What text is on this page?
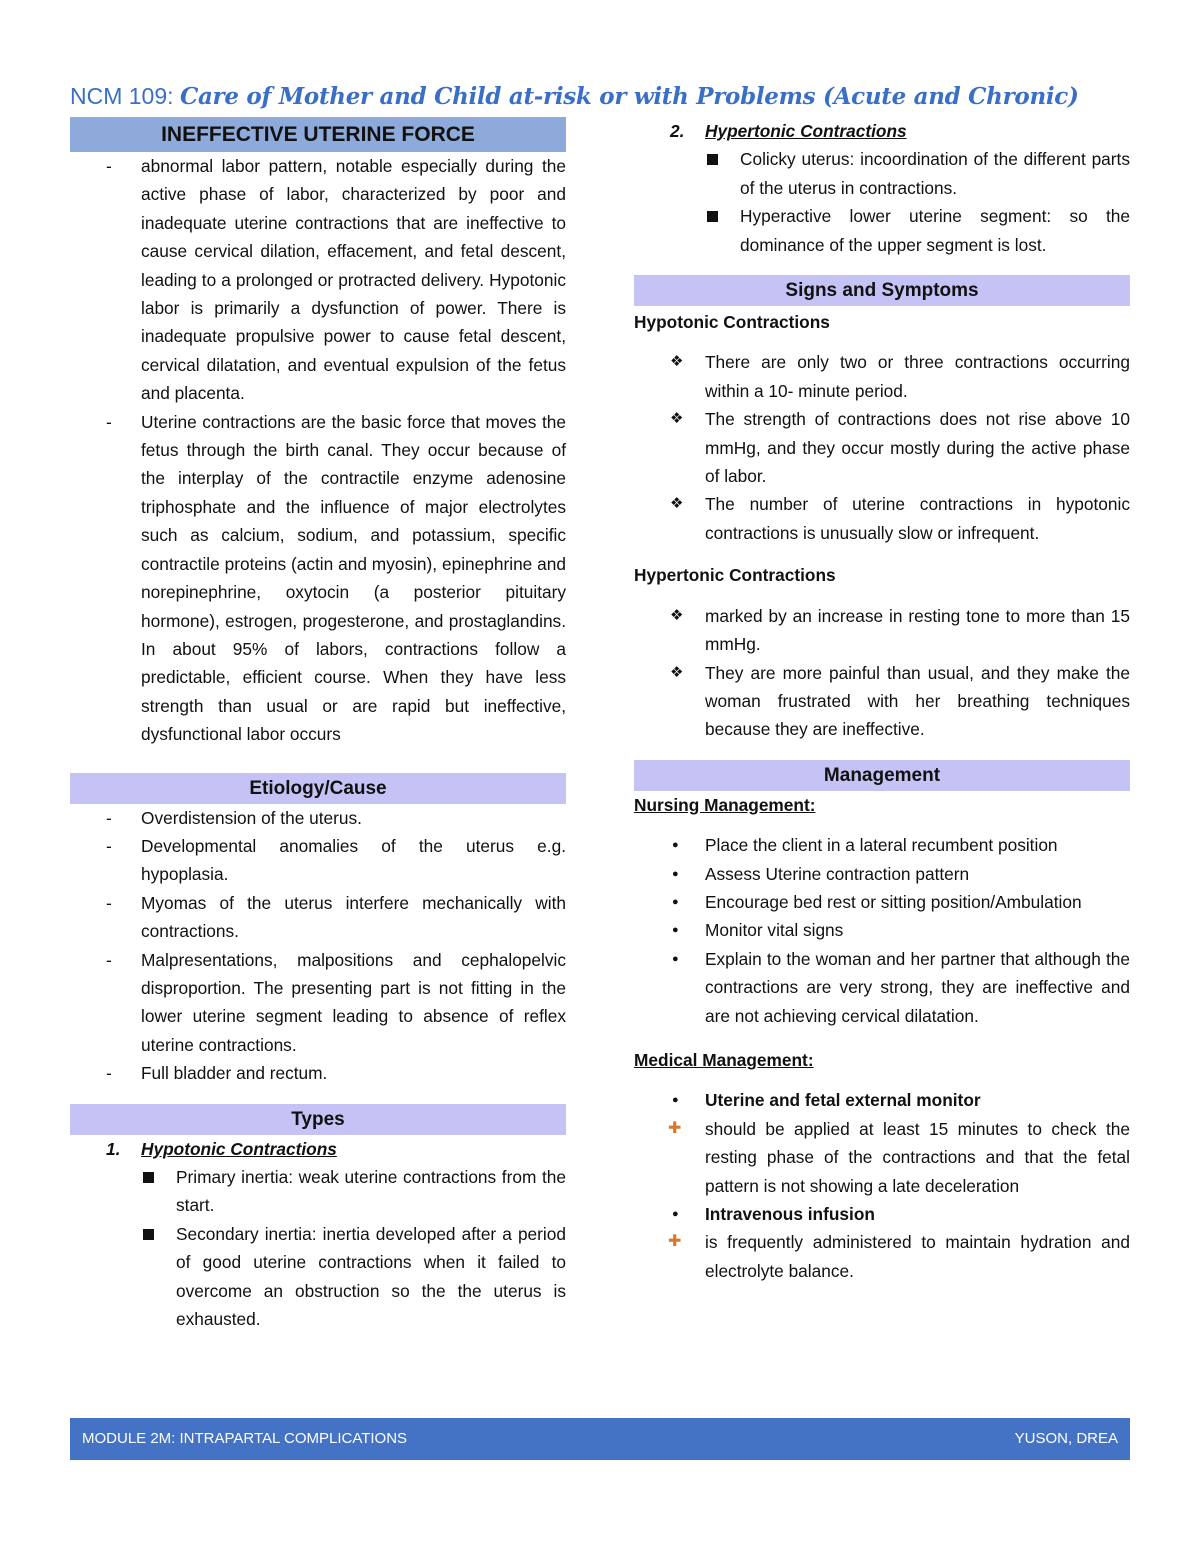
NCM 109: Care of Mother and Child at-risk or with Problems (Acute and Chronic)
INEFFECTIVE UTERINE FORCE
- abnormal labor pattern, notable especially during the active phase of labor, characterized by poor and inadequate uterine contractions that are ineffective to cause cervical dilation, effacement, and fetal descent, leading to a prolonged or protracted delivery. Hypotonic labor is primarily a dysfunction of power. There is inadequate propulsive power to cause fetal descent, cervical dilatation, and eventual expulsion of the fetus and placenta.
- Uterine contractions are the basic force that moves the fetus through the birth canal. They occur because of the interplay of the contractile enzyme adenosine triphosphate and the influence of major electrolytes such as calcium, sodium, and potassium, specific contractile proteins (actin and myosin), epinephrine and norepinephrine, oxytocin (a posterior pituitary hormone), estrogen, progesterone, and prostaglandins. In about 95% of labors, contractions follow a predictable, efficient course. When they have less strength than usual or are rapid but ineffective, dysfunctional labor occurs
Etiology/Cause
- Overdistension of the uterus.
- Developmental anomalies of the uterus e.g. hypoplasia.
- Myomas of the uterus interfere mechanically with contractions.
- Malpresentations, malpositions and cephalopelvic disproportion. The presenting part is not fitting in the lower uterine segment leading to absence of reflex uterine contractions.
- Full bladder and rectum.
Types
1. Hypotonic Contractions
Primary inertia: weak uterine contractions from the start.
Secondary inertia: inertia developed after a period of good uterine contractions when it failed to overcome an obstruction so the the uterus is exhausted.
2. Hypertonic Contractions
Colicky uterus: incoordination of the different parts of the uterus in contractions.
Hyperactive lower uterine segment: so the dominance of the upper segment is lost.
Signs and Symptoms
Hypotonic Contractions
❖ There are only two or three contractions occurring within a 10- minute period.
❖ The strength of contractions does not rise above 10 mmHg, and they occur mostly during the active phase of labor.
❖ The number of uterine contractions in hypotonic contractions is unusually slow or infrequent.
Hypertonic Contractions
❖ marked by an increase in resting tone to more than 15 mmHg.
❖ They are more painful than usual, and they make the woman frustrated with her breathing techniques because they are ineffective.
Management
Nursing Management:
● Place the client in a lateral recumbent position
● Assess Uterine contraction pattern
● Encourage bed rest or sitting position/Ambulation
● Monitor vital signs
● Explain to the woman and her partner that although the contractions are very strong, they are ineffective and are not achieving cervical dilatation.
Medical Management:
● Uterine and fetal external monitor
✚ should be applied at least 15 minutes to check the resting phase of the contractions and that the fetal pattern is not showing a late deceleration
● Intravenous infusion
✚ is frequently administered to maintain hydration and electrolyte balance.
MODULE 2M: INTRAPARTAL COMPLICATIONS	YUSON, DREA
